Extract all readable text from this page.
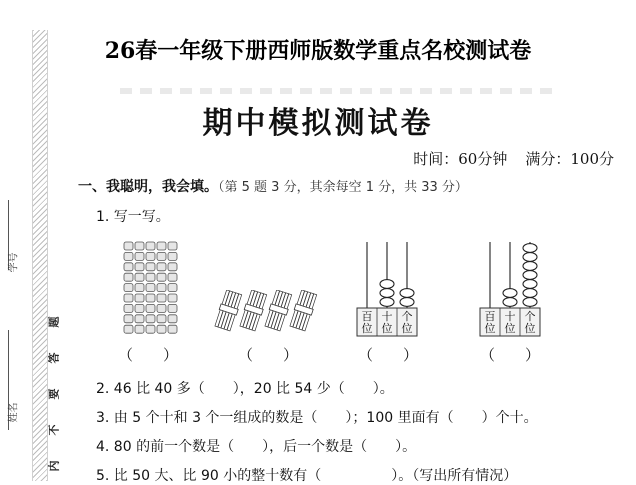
26春一年级下册西师版数学重点名校测试卷
学号
姓名
题
答
要
不
内
期中模拟测试卷
时间：60分钟 满分：100分
一、我聪明，我会填。（第 5 题 3 分，其余每空 1 分，共 33 分）
1. 写一写。
百
位
十
位
个
位
百
位
十
位
个
位
（　　）	（　　）	（　　）	（　　）
2. 46 比 40 多（　　），20 比 54 少（　　）。
3. 由 5 个十和 3 个一组成的数是（　　）；100 里面有（　　）个十。
4. 80 的前一个数是（　　），后一个数是（　　）。
5. 比 50 大、比 90 小的整十数有（　　　　　）。（写出所有情况）
